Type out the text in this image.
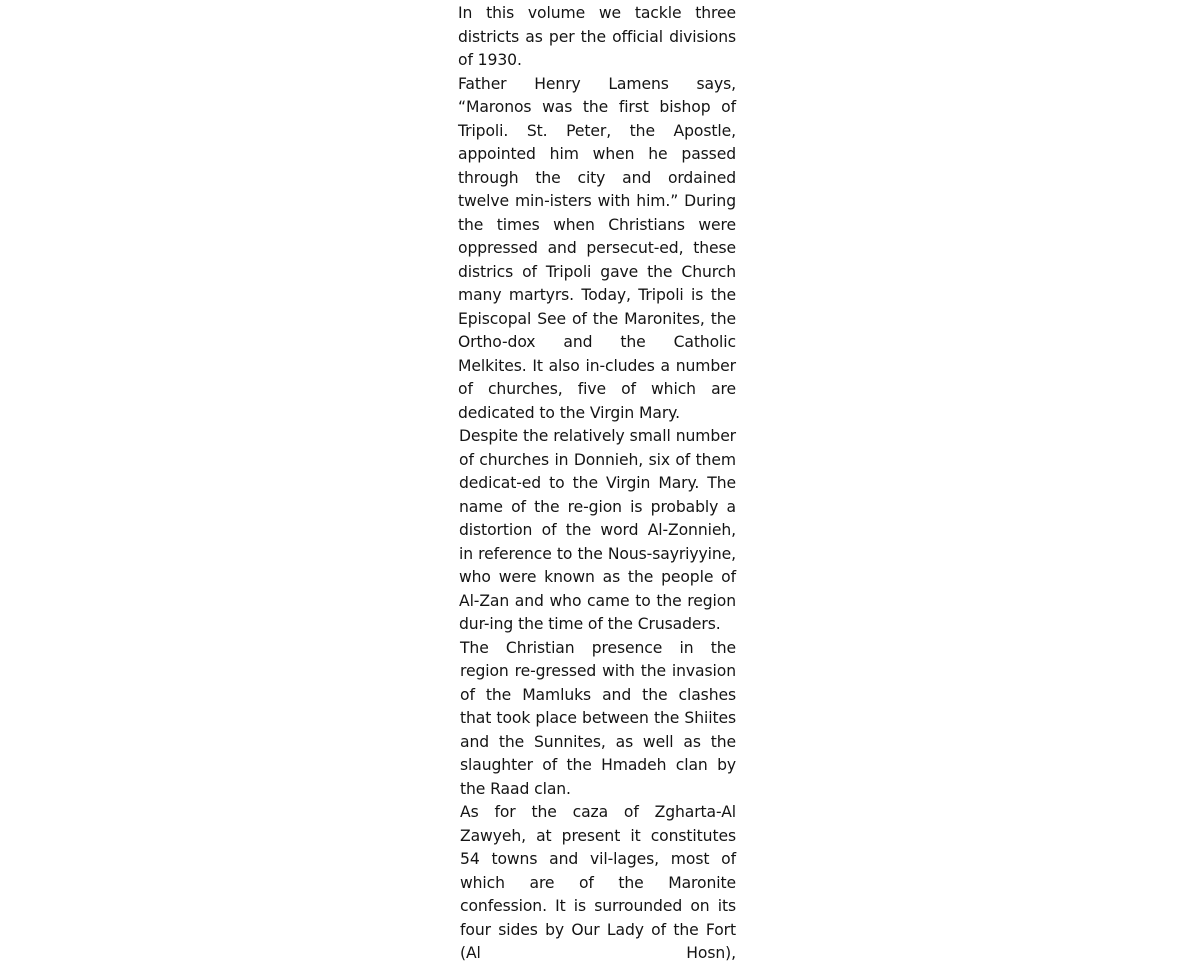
In this volume we tackle three districts as per the official divisions of 1930.

Father Henry Lamens says, “Maronos was the first bishop of Tripoli. St. Peter, the Apostle, appointed him when he passed through the city and ordained twelve min-isters with him.” During the times when Christians were oppressed and persecut-ed, these districs of Tripoli gave the Church many martyrs. Today, Tripoli is the Episcopal See of the Maronites, the Ortho-dox and the Catholic Melkites. It also in-cludes a number of churches, five of which are dedicated to the Virgin Mary.

Despite the relatively small number of churches in Donnieh, six of them dedicat-ed to the Virgin Mary. The name of the re-gion is probably a distortion of the word Al-Zonnieh, in reference to the Nous-sayriyyine, who were known as the people of Al-Zan and who came to the region dur-ing the time of the Crusaders.

The Christian presence in the region re-gressed with the invasion of the Mamluks and the clashes that took place between the Shiites and the Sunnites, as well as the slaughter of the Hmadeh clan by the Raad clan.

As for the caza of Zgharta-Al Zawyeh, at present it constitutes 54 towns and vil-lages, most of which are of the Maronite confession. It is surrounded on its four sides by Our Lady of the Fort (Al Hosn),
